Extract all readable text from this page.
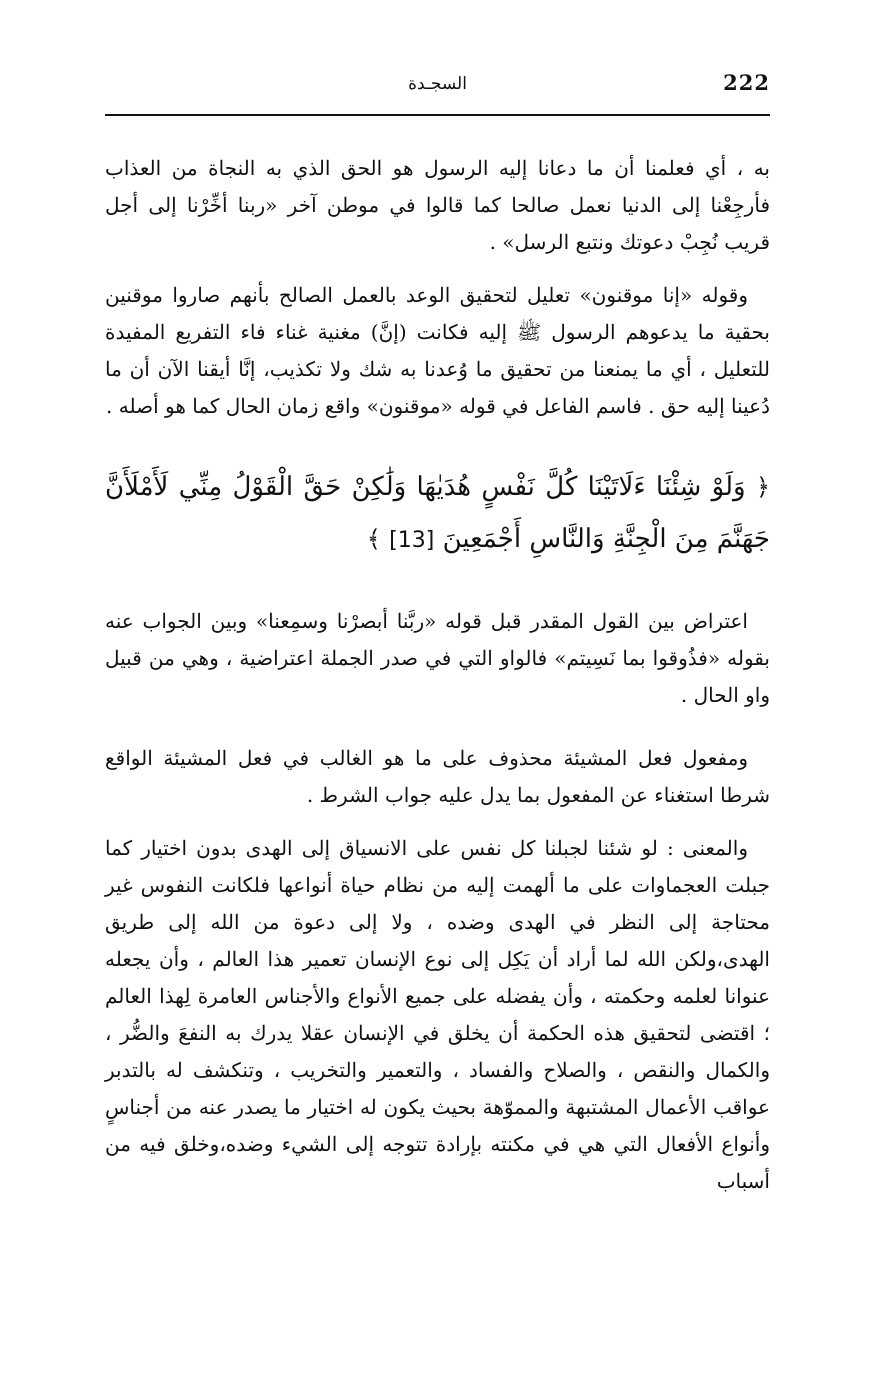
222
السجـدة

به ، أي فعلمنا أن ما دعانا إليه الرسول هو الحق الذي به النجاة من العذاب فأرجِعْنا إلى الدنيا نعمل صالحا كما قالوا في موطن آخر «ربنا أخِّرْنا إلى أجل قريب نُجِبْ دعوتك ونتبع الرسل» .

وقوله «إنا موقنون» تعليل لتحقيق الوعد بالعمل الصالح بأنهم صاروا موقنين بحقية ما يدعوهم الرسول ﷺ إليه فكانت (إنَّ) مغنية غناء فاء التفريع المفيدة للتعليل ، أي ما يمنعنا من تحقيق ما وُعدنا به شك ولا تكذيب، إنَّا أيقنا الآن أن ما دُعينا إليه حق . فاسم الفاعل في قوله «موقنون» واقع زمان الحال كما هو أصله .

﴿ وَلَوْ شِئْنَا ءَلَاتَيْنَا كُلَّ نَفْسٍ هُدَيٰهَا وَلَٰكِنْ حَقَّ الْقَوْلُ مِنِّي لَأَمْلَأَنَّ جَهَنَّمَ مِنَ الْجِنَّةِ وَالنَّاسِ أَجْمَعِينَ [13] ﴾

اعتراض بين القول المقدر قبل قوله «ربَّنا أبصرْنا وسمِعنا» وبين الجواب عنه بقوله «فذُوقوا بما نَسِيتم» فالواو التي في صدر الجملة اعتراضية ، وهي من قبيل واو الحال .

ومفعول فعل المشيئة محذوف على ما هو الغالب في فعل المشيئة الواقع شرطا استغناء عن المفعول بما يدل عليه جواب الشرط .

والمعنى : لو شئنا لجبلنا كل نفس على الانسياق إلى الهدى بدون اختيار كما جبلت العجماوات على ما ألهمت إليه من نظام حياة أنواعها فلكانت النفوس غير محتاجة إلى النظر في الهدى وضده ، ولا إلى دعوة من الله إلى طريق الهدى،ولكن الله لما أراد أن يَكِل إلى نوع الإنسان تعمير هذا العالم ، وأن يجعله عنوانا لعلمه وحكمته ، وأن يفضله على جميع الأنواع والأجناس العامرة لِهذا العالم ؛ اقتضى لتحقيق هذه الحكمة أن يخلق في الإنسان عقلا يدرك به النفعَ والضُّر ، والكمال والنقص ، والصلاح والفساد ، والتعمير والتخريب ، وتنكشف له بالتدبر عواقب الأعمال المشتبهة والمموّهة بحيث يكون له اختيار ما يصدر عنه من أجناسٍ وأنواع الأفعال التي هي في مكنته بإرادة تتوجه إلى الشيء وضده،وخلق فيه من أسباب
